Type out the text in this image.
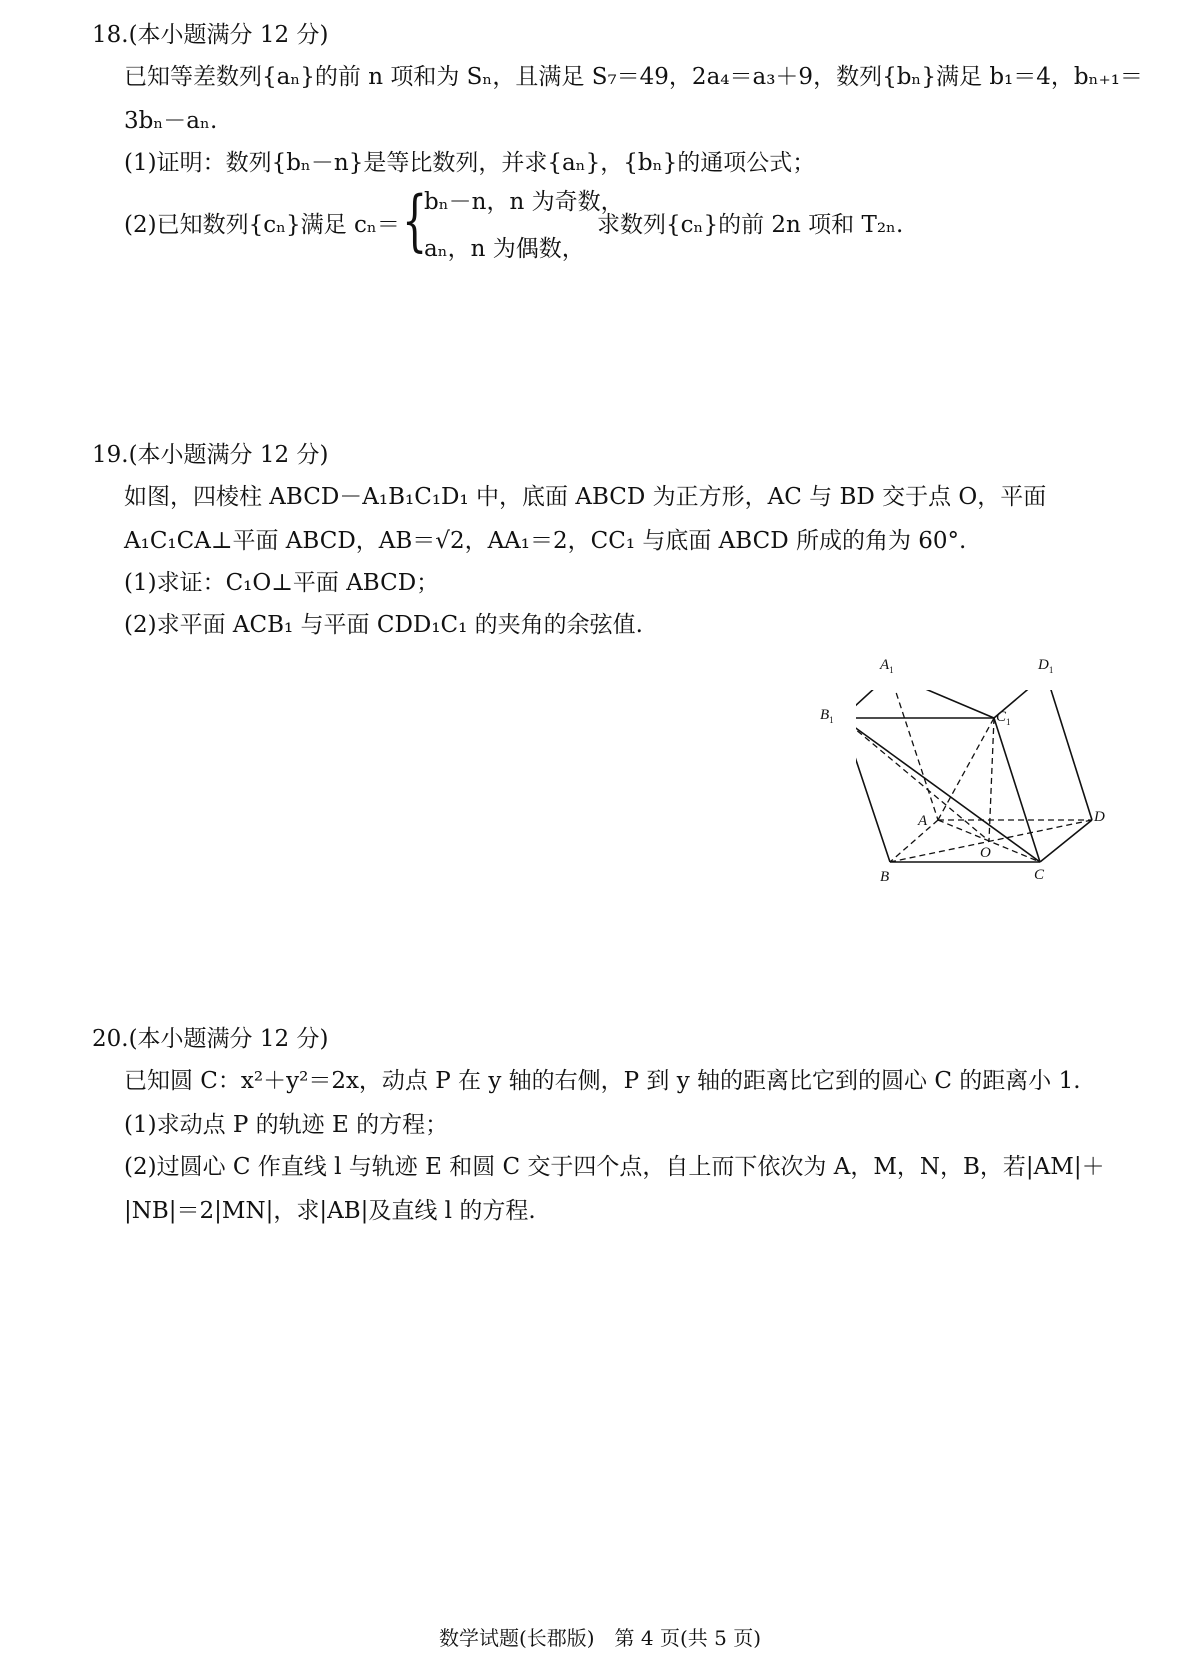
18.(本小题满分 12 分)
已知等差数列{aₙ}的前 n 项和为 Sₙ，且满足 S₇＝49，2a₄＝a₃＋9，数列{bₙ}满足 b₁＝4，bₙ₊₁＝
3bₙ－aₙ.
(1)证明：数列{bₙ－n}是等比数列，并求{aₙ}，{bₙ}的通项公式；
(2)已知数列{cₙ}满足 cₙ＝ {
bₙ－n，n 为奇数，
aₙ，n 为偶数，
求数列{cₙ}的前 2n 项和 T₂ₙ.
19.(本小题满分 12 分)
如图，四棱柱 ABCD－A₁B₁C₁D₁ 中，底面 ABCD 为正方形，AC 与 BD 交于点 O，平面
A₁C₁CA⊥平面 ABCD，AB＝√2，AA₁＝2，CC₁ 与底面 ABCD 所成的角为 60°.
(1)求证：C₁O⊥平面 ABCD；
(2)求平面 ACB₁ 与平面 CDD₁C₁ 的夹角的余弦值.
$A_1$	$D_1$
$B_1$	$C_1$
A	D
O
B	C
20.(本小题满分 12 分)
已知圆 C：x²＋y²＝2x，动点 P 在 y 轴的右侧，P 到 y 轴的距离比它到的圆心 C 的距离小 1.
(1)求动点 P 的轨迹 E 的方程；
(2)过圆心 C 作直线 l 与轨迹 E 和圆 C 交于四个点，自上而下依次为 A，M，N，B，若|AM|＋
|NB|＝2|MN|，求|AB|及直线 l 的方程.
数学试题(长郡版)　第 4 页(共 5 页)
